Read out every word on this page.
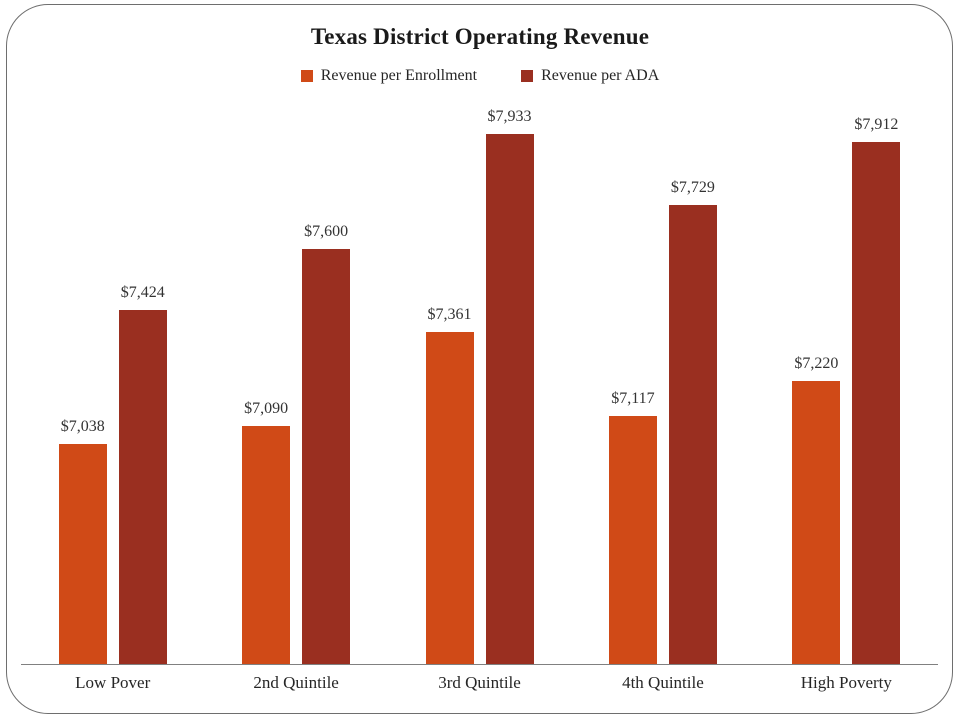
Texas District Operating Revenue
Revenue per Enrollment	Revenue per ADA
$7,038
$7,424
$7,090
$7,600
$7,361
$7,933
$7,117
$7,729
$7,220
$7,912
Low Pover	2nd Quintile	3rd Quintile	4th Quintile	High Poverty
